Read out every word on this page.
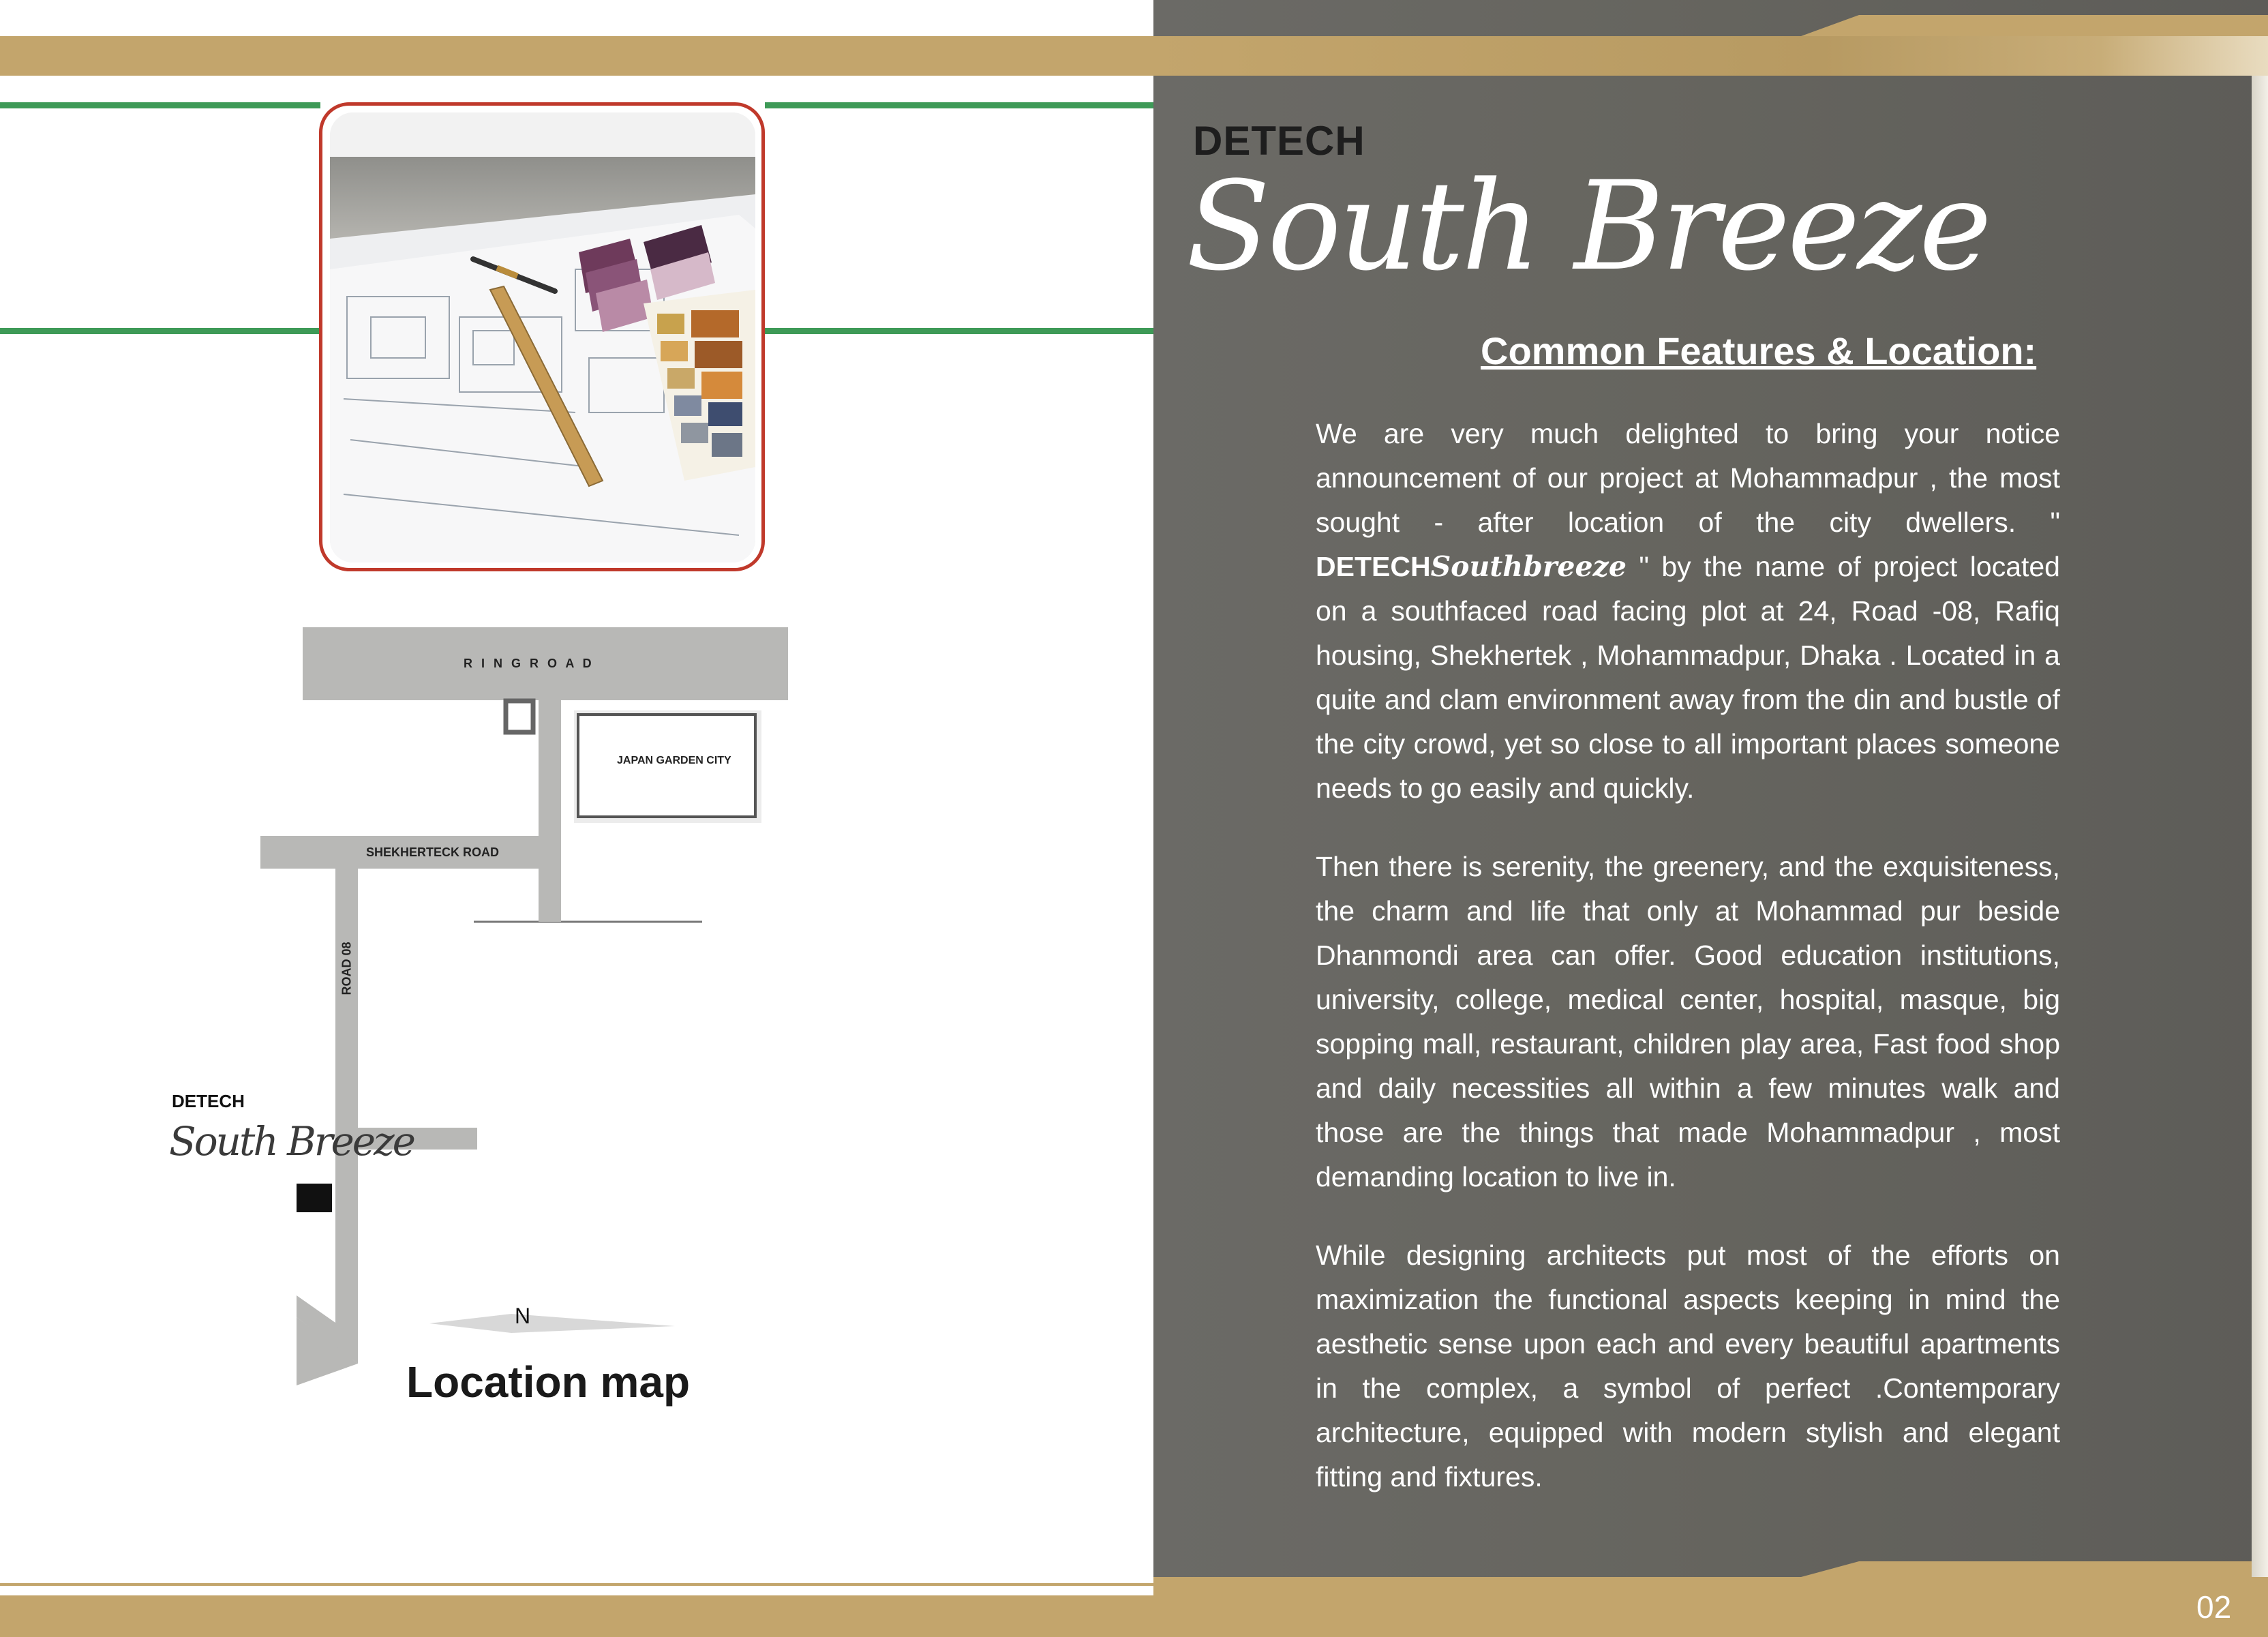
DETECH
South Breeze
Common Features & Location:

We are very much delighted to bring your notice announcement of our project at Mohammadpur , the most sought - after location of the city dwellers. " DETECHSouthbreeze " by the name of project located on a southfaced road facing plot at 24, Road -08, Rafiq housing, Shekhertek , Mohammadpur, Dhaka . Located in a quite and clam environment away from the din and bustle of the city crowd, yet so close to all important places someone needs to go easily and quickly.

Then there is serenity, the greenery, and the exquisiteness, the charm and life that only at Mohammad pur beside Dhanmondi area can offer. Good education institutions, university, college, medical center, hospital, masque, big sopping mall, restaurant, children play area, Fast food shop and daily necessities all within a few minutes walk and those are the things that made Mohammadpur , most demanding location to live in.

While designing architects put most of the efforts on maximization the functional aspects keeping in mind the aesthetic sense upon each and every beautiful apartments in the complex, a symbol of perfect .Contemporary architecture, equipped with modern stylish and elegant fitting and fixtures.

02
R I N G R O A D
JAPAN GARDEN CITY
SHEKHERTECK ROAD
ROAD 08
DETECH
South Breeze
N
Location map
